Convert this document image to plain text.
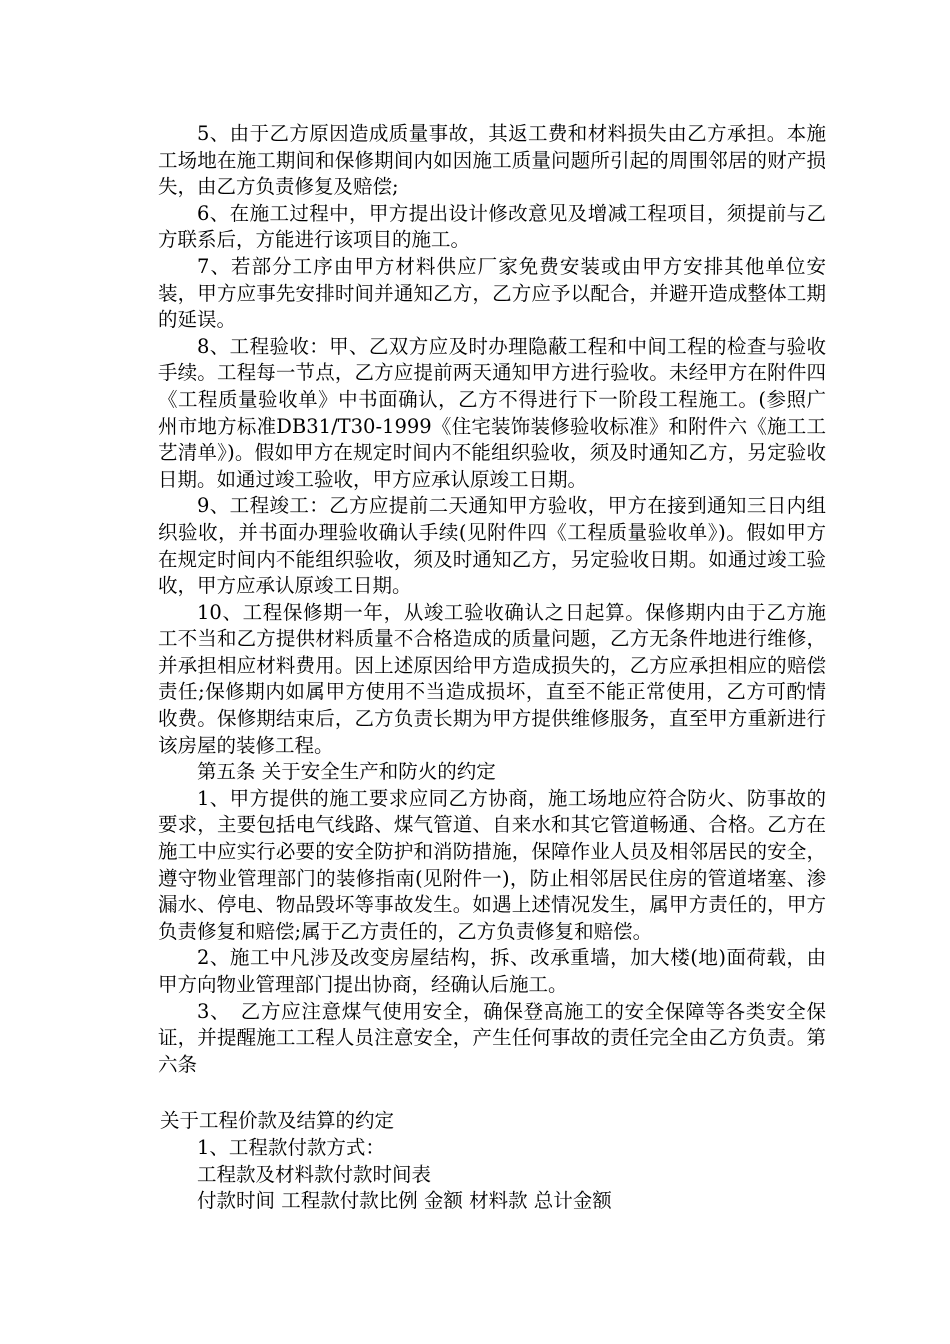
5、由于乙方原因造成质量事故，其返工费和材料损失由乙方承担。本施工场地在施工期间和保修期间内如因施工质量问题所引起的周围邻居的财产损失，由乙方负责修复及赔偿;

6、在施工过程中，甲方提出设计修改意见及增减工程项目，须提前与乙方联系后，方能进行该项目的施工。

7、若部分工序由甲方材料供应厂家免费安装或由甲方安排其他单位安装，甲方应事先安排时间并通知乙方，乙方应予以配合，并避开造成整体工期的延误。

8、工程验收：甲、乙双方应及时办理隐蔽工程和中间工程的检查与验收手续。工程每一节点，乙方应提前两天通知甲方进行验收。未经甲方在附件四《工程质量验收单》中书面确认，乙方不得进行下一阶段工程施工。(参照广州市地方标准DB31/T30-1999《住宅装饰装修验收标准》和附件六《施工工艺清单》)。假如甲方在规定时间内不能组织验收，须及时通知乙方，另定验收日期。如通过竣工验收，甲方应承认原竣工日期。

9、工程竣工：乙方应提前二天通知甲方验收，甲方在接到通知三日内组织验收，并书面办理验收确认手续(见附件四《工程质量验收单》)。假如甲方在规定时间内不能组织验收，须及时通知乙方，另定验收日期。如通过竣工验收，甲方应承认原竣工日期。

10、工程保修期一年，从竣工验收确认之日起算。保修期内由于乙方施工不当和乙方提供材料质量不合格造成的质量问题，乙方无条件地进行维修，并承担相应材料费用。因上述原因给甲方造成损失的，乙方应承担相应的赔偿责任;保修期内如属甲方使用不当造成损坏，直至不能正常使用，乙方可酌情收费。保修期结束后，乙方负责长期为甲方提供维修服务，直至甲方重新进行该房屋的装修工程。

第五条 关于安全生产和防火的约定

1、甲方提供的施工要求应同乙方协商，施工场地应符合防火、防事故的要求，主要包括电气线路、煤气管道、自来水和其它管道畅通、合格。乙方在施工中应实行必要的安全防护和消防措施，保障作业人员及相邻居民的安全，遵守物业管理部门的装修指南(见附件一)，防止相邻居民住房的管道堵塞、渗漏水、停电、物品毁坏等事故发生。如遇上述情况发生，属甲方责任的，甲方负责修复和赔偿;属于乙方责任的，乙方负责修复和赔偿。

2、施工中凡涉及改变房屋结构，拆、改承重墙，加大楼(地)面荷载，由甲方向物业管理部门提出协商，经确认后施工。

3、　乙方应注意煤气使用安全，确保登高施工的安全保障等各类安全保证，并提醒施工工程人员注意安全，产生任何事故的责任完全由乙方负责。第六条

关于工程价款及结算的约定

1、工程款付款方式：

工程款及材料款付款时间表

付款时间 工程款付款比例 金额 材料款 总计金额
